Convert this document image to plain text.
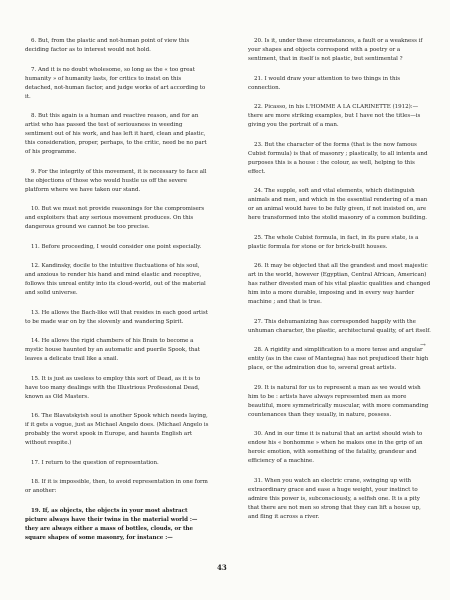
6. But, from the plastic and not-human point of view this deciding factor as to interest would not hold.

7. And it is no doubt wholesome, so long as the « too great humanity » of humanity lasts, for critics to insist on this detached, not-human factor, and judge works of art according to it.

8. But this again is a human and reactive reason, and for an artist who has passed the test of seriousness in weeding sentiment out of his work, and has left it hard, clean and plastic, this consideration, proper, perhaps, to the critic, need be no part of his programme.

9. For the integrity of this movement, it is necessary to face all the objections of those who would hustle us off the severe platform where we have taken our stand.

10. But we must not provide reasonings for the compromisers and exploiters that any serious movement produces. On this dangerous ground we cannot be too precise.

11. Before proceeding, I would consider one point especially.

12. Kandinsky, docile to the intuitive fluctuations of his soul, and anxious to render his hand and mind elastic and receptive, follows this unreal entity into its cloud-world, out of the material and solid universe.

13. He allows the Bach-like will that resides in each good artist to be made war on by the slovenly and wandering Spirit.

14. He allows the rigid chambers of his Brain to become a mystic house haunted by an automatic and puerile Spook, that leaves a delicate trail like a snail.

15. It is just as useless to employ this sort of Dead, as it is to have too many dealings with the Illustrious Professional Dead, known as Old Masters.

16. The Blavatskyish soul is another Spook which needs laying, if it gets a vogue, just as Michael Angelo does. (Michael Angelo is probably the worst spook in Europe, and haunts English art without respite.)

17. I return to the question of representation.

18. If it is impossible, then, to avoid representation in one form or another:

19. If, as objects, the objects in your most abstract picture always have their twins in the material world :—they are always either a mass of bottles, clouds, or the square shapes of some masonry, for instance :—

20. Is it, under these circumstances, a fault or a weakness if your shapes and objects correspond with a poetry or a sentiment, that in itself is not plastic, but sentimental ?

21. I would draw your attention to two things in this connection.

22. Picasso, in his L'HOMME A LA CLARINETTE (1912):—there are more striking examples, but I have not the titles—is giving you the portrait of a man.

23. But the character of the forms (that is the now famous Cubist formula) is that of masonry ; plastically, to all intents and purposes this is a house : the colour, as well, helping to this effect.

24. The supple, soft and vital elements, which distinguish animals and men, and which in the essential rendering of a man or an animal would have to be fully given, if not insisted on, are here transformed into the stolid masonry of a common building.

25. The whole Cubist formula, in fact, in its pure state, is a plastic formula for stone or for brick-built houses.

26. It may be objected that all the grandest and most majestic art in the world, however (Egyptian, Central African, American) has rather divested man of his vital plastic qualities and changed him into a more durable, imposing and in every way harder machine ; and that is true.

27. This dehumanizing has corresponded happily with the unhuman character, the plastic, architectural quality, of art itself.

28. A rigidity and simplification to a more tense and angular entity (as in the case of Mantegna) has not prejudiced their high place, or the admiration due to, several great artists.

29. It is natural for us to represent a man as we would wish him to be : artists have always represented men as more beautiful, more symmetrically muscular, with more commanding countenances than they usually, in nature, possess.

30. And in our time it is natural that an artist should wish to endow his « bonhomme » when he makes one in the grip of an heroic emotion, with something of the fatality, grandeur and efficiency of a machine.

31. When you watch an electric crane, swinging up with extraordinary grace and ease a huge weight, your instinct to admire this power is, subconsciously, a selfish one. It is a pity that there are not men so strong that they can lift a house up, and fling it across a river.

→
43
